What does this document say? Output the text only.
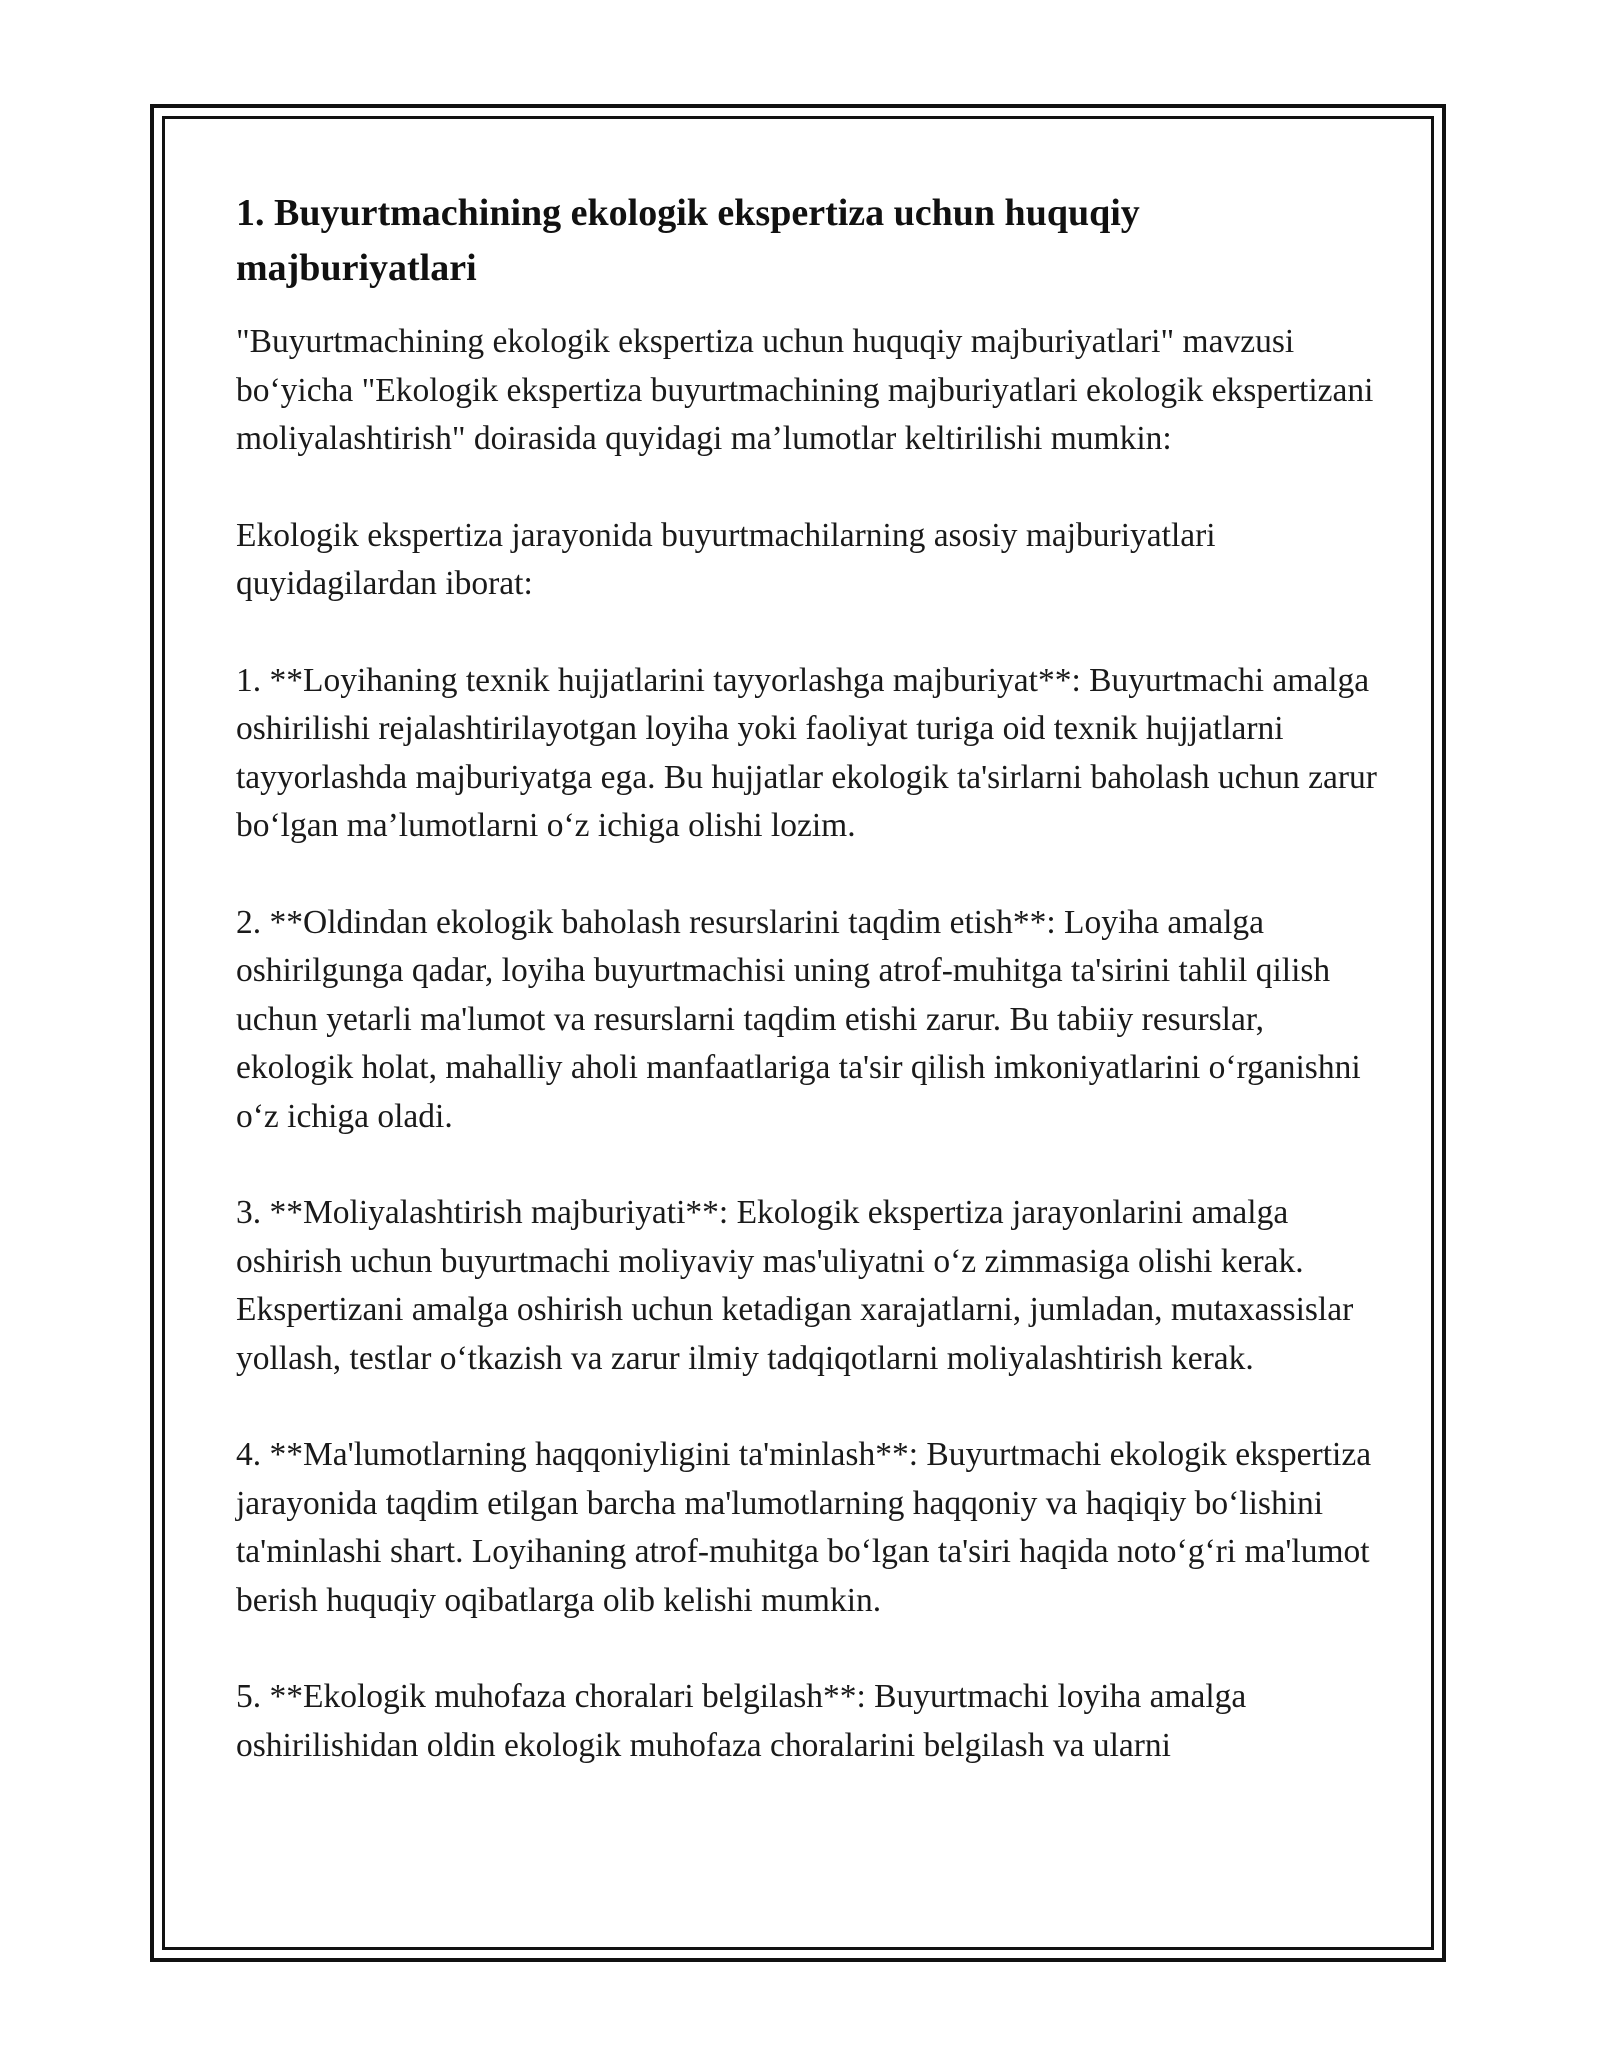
1. Buyurtmachining ekologik ekspertiza uchun huquqiy majburiyatlari

"Buyurtmachining ekologik ekspertiza uchun huquqiy majburiyatlari" mavzusi bo‘yicha "Ekologik ekspertiza buyurtmachining majburiyatlari ekologik ekspertizani moliyalashtirish" doirasida quyidagi ma’lumotlar keltirilishi mumkin:

Ekologik ekspertiza jarayonida buyurtmachilarning asosiy majburiyatlari quyidagilardan iborat:

1. **Loyihaning texnik hujjatlarini tayyorlashga majburiyat**: Buyurtmachi amalga oshirilishi rejalashtirilayotgan loyiha yoki faoliyat turiga oid texnik hujjatlarni tayyorlashda majburiyatga ega. Bu hujjatlar ekologik ta'sirlarni baholash uchun zarur bo‘lgan ma’lumotlarni o‘z ichiga olishi lozim.

2. **Oldindan ekologik baholash resurslarini taqdim etish**: Loyiha amalga oshirilgunga qadar, loyiha buyurtmachisi uning atrof-muhitga ta'sirini tahlil qilish uchun yetarli ma'lumot va resurslarni taqdim etishi zarur. Bu tabiiy resurslar, ekologik holat, mahalliy aholi manfaatlariga ta'sir qilish imkoniyatlarini o‘rganishni o‘z ichiga oladi.

3. **Moliyalashtirish majburiyati**: Ekologik ekspertiza jarayonlarini amalga oshirish uchun buyurtmachi moliyaviy mas'uliyatni o‘z zimmasiga olishi kerak. Ekspertizani amalga oshirish uchun ketadigan xarajatlarni, jumladan, mutaxassislar yollash, testlar o‘tkazish va zarur ilmiy tadqiqotlarni moliyalashtirish kerak.

4. **Ma'lumotlarning haqqoniyligini ta'minlash**: Buyurtmachi ekologik ekspertiza jarayonida taqdim etilgan barcha ma'lumotlarning haqqoniy va haqiqiy bo‘lishini ta'minlashi shart. Loyihaning atrof-muhitga bo‘lgan ta'siri haqida noto‘g‘ri ma'lumot berish huquqiy oqibatlarga olib kelishi mumkin.

5. **Ekologik muhofaza choralari belgilash**: Buyurtmachi loyiha amalga oshirilishidan oldin ekologik muhofaza choralarini belgilash va ularni
